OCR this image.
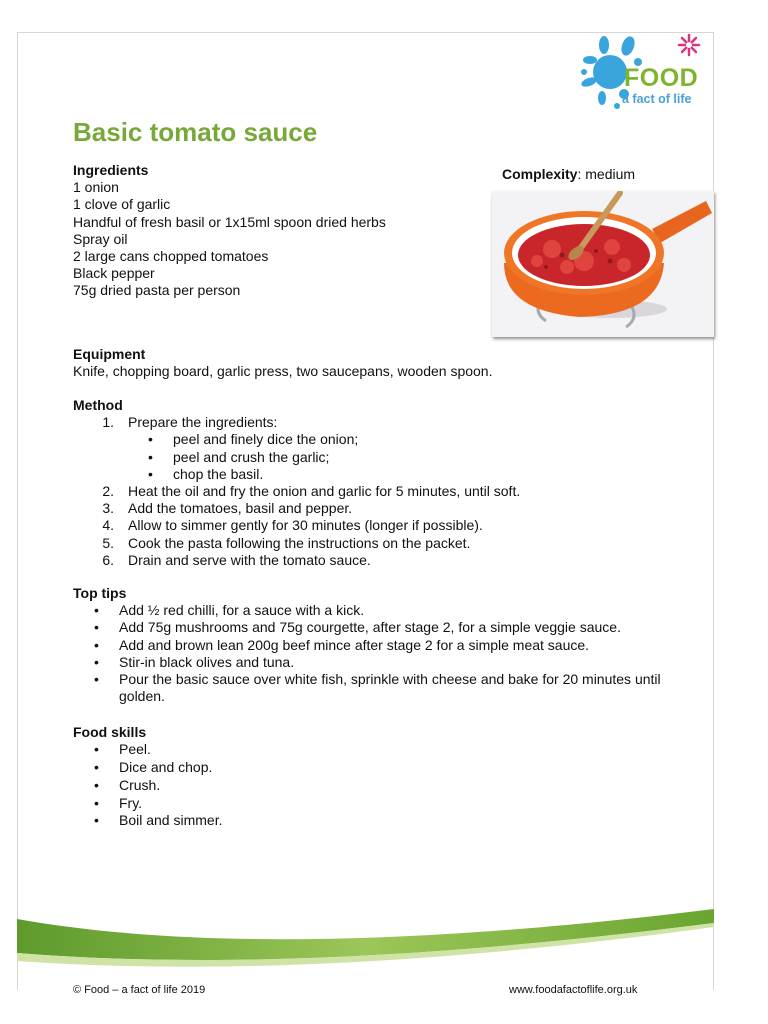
FOOD
a fact of life
Basic tomato sauce
Ingredients
1 onion
1 clove of garlic
Handful of fresh basil or 1x15ml spoon dried herbs
Spray oil
2 large cans chopped tomatoes
Black pepper
75g dried pasta per person
Complexity: medium
Equipment
Knife, chopping board, garlic press, two saucepans, wooden spoon.
Method
1.	Prepare the ingredients:
•	peel and finely dice the onion;
•	peel and crush the garlic;
•	chop the basil.
2.	Heat the oil and fry the onion and garlic for 5 minutes, until soft.
3.	Add the tomatoes, basil and pepper.
4.	Allow to simmer gently for 30 minutes (longer if possible).
5.	Cook the pasta following the instructions on the packet.
6.	Drain and serve with the tomato sauce.
Top tips
•	Add ½ red chilli, for a sauce with a kick.
•	Add 75g mushrooms and 75g courgette, after stage 2, for a simple veggie sauce.
•	Add and brown lean 200g beef mince after stage 2 for a simple meat sauce.
•	Stir-in black olives and tuna.
•	Pour the basic sauce over white fish, sprinkle with cheese and bake for 20 minutes until golden.
Food skills
•	Peel.
•	Dice and chop.
•	Crush.
•	Fry.
•	Boil and simmer.
© Food – a fact of life 2019	www.foodafactoflife.org.uk
